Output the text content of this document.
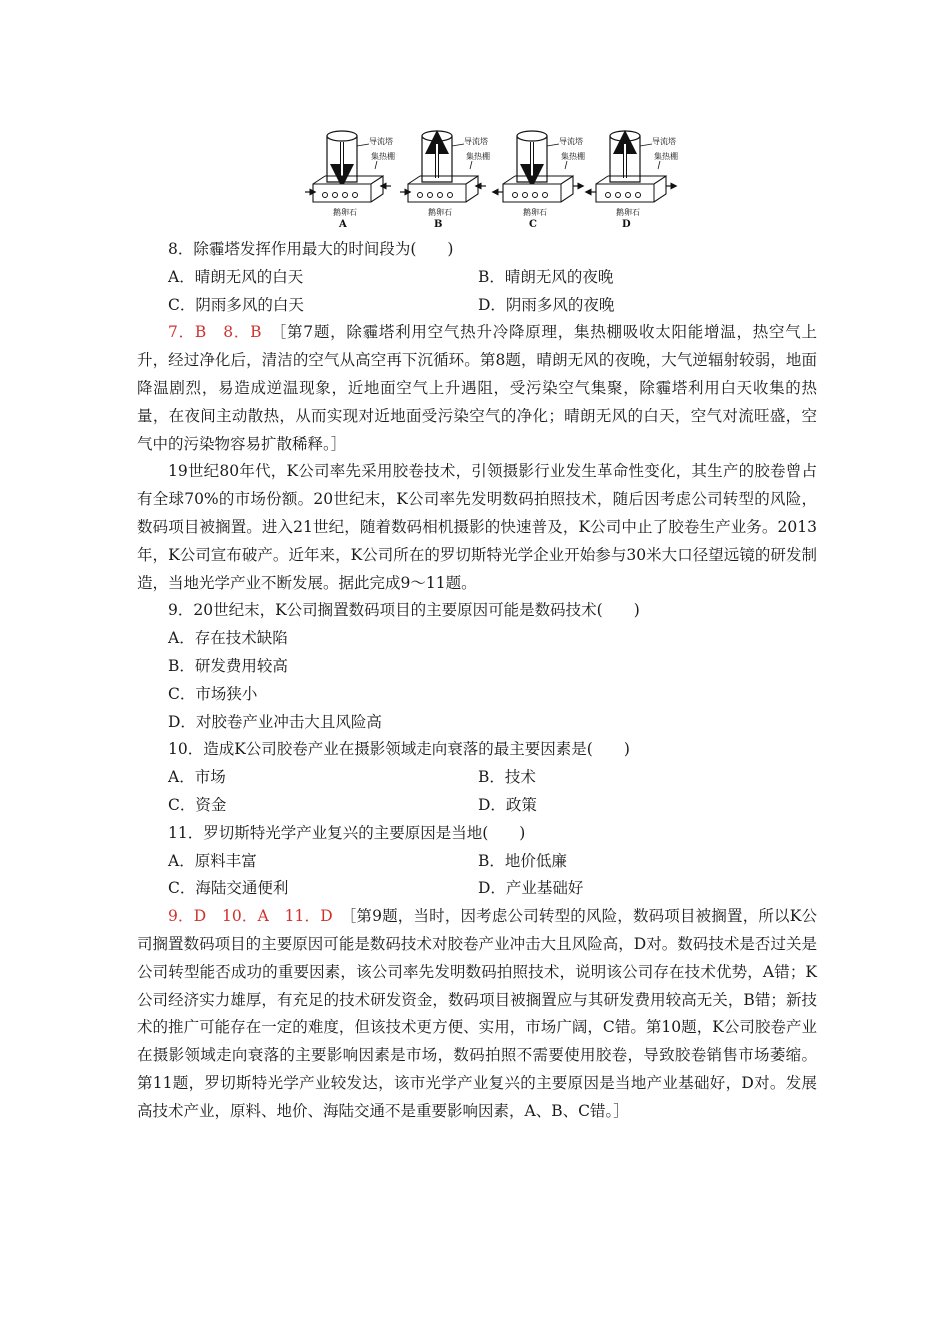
导流塔
集热棚
鹅卵石
A
导流塔
集热棚
鹅卵石
B
导流塔
集热棚
鹅卵石
C
导流塔
集热棚
鹅卵石
D
8．除霾塔发挥作用最大的时间段为(　　)
A．晴朗无风的白天	B．晴朗无风的夜晚
C．阴雨多风的白天	D．阴雨多风的夜晚

7．B　8．B　 ［第7题，除霾塔利用空气热升冷降原理，集热棚吸收太阳能增温，热空气上升，经过净化后，清洁的空气从高空再下沉循环。第8题，晴朗无风的夜晚，大气逆辐射较弱，地面降温剧烈，易造成逆温现象，近地面空气上升遇阻，受污染空气集聚，除霾塔利用白天收集的热量，在夜间主动散热，从而实现对近地面受污染空气的净化；晴朗无风的白天，空气对流旺盛，空气中的污染物容易扩散稀释。］

19世纪80年代，K公司率先采用胶卷技术，引领摄影行业发生革命性变化，其生产的胶卷曾占有全球70%的市场份额。20世纪末，K公司率先发明数码拍照技术，随后因考虑公司转型的风险，数码项目被搁置。进入21世纪，随着数码相机摄影的快速普及，K公司中止了胶卷生产业务。2013年，K公司宣布破产。近年来，K公司所在的罗切斯特光学企业开始参与30米大口径望远镜的研发制造，当地光学产业不断发展。据此完成9～11题。

9．20世纪末，K公司搁置数码项目的主要原因可能是数码技术(　　)
A．存在技术缺陷
B．研发费用较高
C．市场狭小
D．对胶卷产业冲击大且风险高
10．造成K公司胶卷产业在摄影领域走向衰落的最主要因素是(　　)
A．市场	B．技术
C．资金	D．政策
11．罗切斯特光学产业复兴的主要原因是当地(　　)
A．原料丰富	B．地价低廉
C．海陆交通便利	D．产业基础好

9．D　10．A　11．D　 ［第9题，当时，因考虑公司转型的风险，数码项目被搁置，所以K公司搁置数码项目的主要原因可能是数码技术对胶卷产业冲击大且风险高，D对。数码技术是否过关是公司转型能否成功的重要因素，该公司率先发明数码拍照技术，说明该公司存在技术优势，A错；K公司经济实力雄厚，有充足的技术研发资金，数码项目被搁置应与其研发费用较高无关，B错；新技术的推广可能存在一定的难度，但该技术更方便、实用，市场广阔，C错。第10题，K公司胶卷产业在摄影领域走向衰落的主要影响因素是市场，数码拍照不需要使用胶卷，导致胶卷销售市场萎缩。第11题，罗切斯特光学产业较发达，该市光学产业复兴的主要原因是当地产业基础好，D对。发展高技术产业，原料、地价、海陆交通不是重要影响因素，A、B、C错。］
